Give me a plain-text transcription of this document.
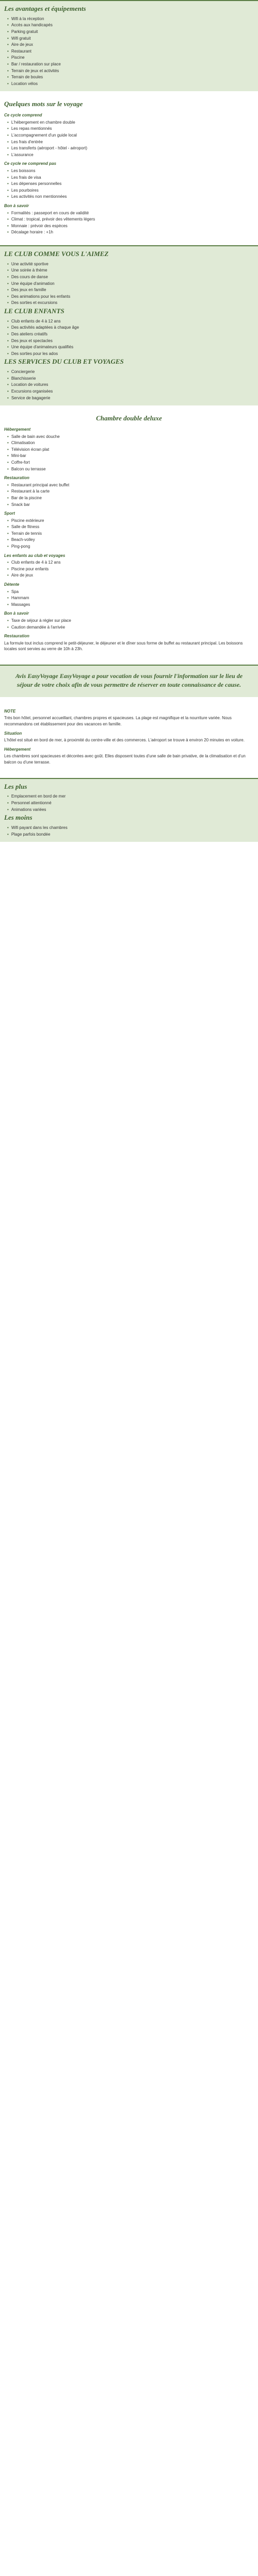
Les avantages et équipements
• Wifi à la réception
• Accès aux handicapés
• Parking gratuit
• Wifi gratuit
• Aire de jeux
• Restaurant
• Piscine
• Bar / restauration sur place
• Terrain de jeux et activités
• Terrain de boules
• Location vélos
Quelques mots sur le voyage
Ce cycle comprend
• L'hébergement en chambre double
• Les repas mentionnés
• L'accompagnement d'un guide local
• Les frais d'entrée
• Les transferts (aéroport - hôtel - aéroport)
• L'assurance
Ce cycle ne comprend pas
• Les boissons
• Les frais de visa
• Les dépenses personnelles
• Les pourboires
• Les activités non mentionnées
Bon à savoir
• Formalités : passeport en cours de validité
• Climat : tropical, prévoir des vêtements légers
• Monnaie : prévoir des espèces
• Décalage horaire : +1h
LE CLUB COMME VOUS L'AIMEZ
• Une activité sportive
• Une soirée à thème
• Des cours de danse
• Une équipe d'animation
• Des jeux en famille
• Des animations pour les enfants
• Des sorties et excursions
LE CLUB ENFANTS
• Club enfants de 4 à 12 ans
• Des activités adaptées à chaque âge
• Des ateliers créatifs
• Des jeux et spectacles
• Une équipe d'animateurs qualifiés
• Des sorties pour les ados
LES SERVICES DU CLUB ET VOYAGES
• Conciergerie
• Blanchisserie
• Location de voitures
• Excursions organisées
• Service de bagagerie
Chambre double deluxe
Hébergement
• Salle de bain avec douche
• Climatisation
• Télévision écran plat
• Mini-bar
• Coffre-fort
• Balcon ou terrasse
Restauration
• Restaurant principal avec buffet
• Restaurant à la carte
• Bar de la piscine
• Snack bar
Sport
• Piscine extérieure
• Salle de fitness
• Terrain de tennis
• Beach-volley
• Ping-pong
Les enfants au club et voyages
• Club enfants de 4 à 12 ans
• Piscine pour enfants
• Aire de jeux
Détente
• Spa
• Hammam
• Massages
Bon à savoir
• Taxe de séjour à régler sur place
• Caution demandée à l'arrivée
Restauration

La formule tout inclus comprend le petit-déjeuner, le déjeuner et le dîner sous forme de buffet au restaurant principal. Les boissons locales sont servies au verre de 10h à 23h.

Avis EasyVoyage EasyVoyage a pour vocation de vous fournir l'information sur le lieu de séjour de votre choix afin de vous permettre de réserver en toute connaissance de cause.
NOTE

Très bon hôtel, personnel accueillant, chambres propres et spacieuses. La plage est magnifique et la nourriture variée. Nous recommandons cet établissement pour des vacances en famille.

Situation

L'hôtel est situé en bord de mer, à proximité du centre-ville et des commerces. L'aéroport se trouve à environ 20 minutes en voiture.

Hébergement

Les chambres sont spacieuses et décorées avec goût. Elles disposent toutes d'une salle de bain privative, de la climatisation et d'un balcon ou d'une terrasse.

Les plus
• Emplacement en bord de mer
• Personnel attentionné
• Animations variées
Les moins
• Wifi payant dans les chambres
• Plage parfois bondée
